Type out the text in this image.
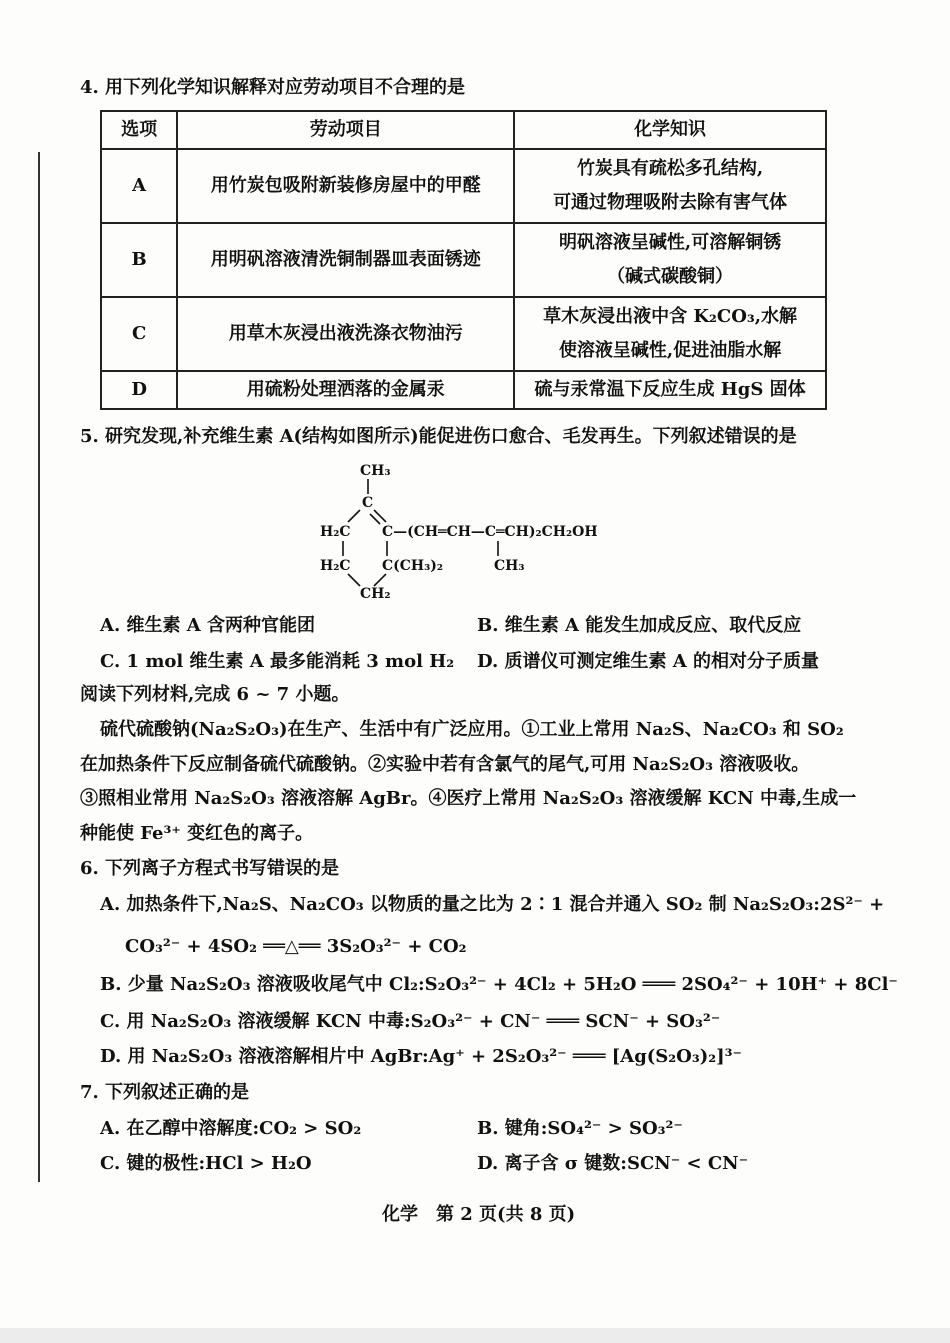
4. 用下列化学知识解释对应劳动项目不合理的是
选项	劳动项目	化学知识
A	用竹炭包吸附新装修房屋中的甲醛	竹炭具有疏松多孔结构,
可通过物理吸附去除有害气体

B	用明矾溶液清洗铜制器皿表面锈迹	明矾溶液呈碱性,可溶解铜锈
（碱式碳酸铜）

C	用草木灰浸出液洗涤衣物油污	草木灰浸出液中含 K₂CO₃,水解
使溶液呈碱性,促进油脂水解

D	用硫粉处理洒落的金属汞	硫与汞常温下反应生成 HgS 固体
5. 研究发现,补充维生素 A(结构如图所示)能促进伤口愈合、毛发再生。下列叙述错误的是
CH₃
C
H₂C C—(CH═CH—C═CH)₂CH₂OH
H₂C C(CH₃)₂	CH₃
CH₂
A. 维生素 A 含两种官能团	B. 维生素 A 能发生加成反应、取代反应
C. 1 mol 维生素 A 最多能消耗 3 mol H₂ D. 质谱仪可测定维生素 A 的相对分子质量
阅读下列材料,完成 6 ~ 7 小题。
硫代硫酸钠(Na₂S₂O₃)在生产、生活中有广泛应用。①工业上常用 Na₂S、Na₂CO₃ 和 SO₂
在加热条件下反应制备硫代硫酸钠。②实验中若有含氯气的尾气,可用 Na₂S₂O₃ 溶液吸收。
③照相业常用 Na₂S₂O₃ 溶液溶解 AgBr。④医疗上常用 Na₂S₂O₃ 溶液缓解 KCN 中毒,生成一
种能使 Fe³⁺ 变红色的离子。
6. 下列离子方程式书写错误的是
A. 加热条件下,Na₂S、Na₂CO₃ 以物质的量之比为 2∶1 混合并通入 SO₂ 制 Na₂S₂O₃:2S²⁻ +
CO₃²⁻ + 4SO₂ ══△══ 3S₂O₃²⁻ + CO₂
B. 少量 Na₂S₂O₃ 溶液吸收尾气中 Cl₂:S₂O₃²⁻ + 4Cl₂ + 5H₂O ═══ 2SO₄²⁻ + 10H⁺ + 8Cl⁻
C. 用 Na₂S₂O₃ 溶液缓解 KCN 中毒:S₂O₃²⁻ + CN⁻ ═══ SCN⁻ + SO₃²⁻
D. 用 Na₂S₂O₃ 溶液溶解相片中 AgBr:Ag⁺ + 2S₂O₃²⁻ ═══ [Ag(S₂O₃)₂]³⁻
7. 下列叙述正确的是
A. 在乙醇中溶解度:CO₂ > SO₂	B. 键角:SO₄²⁻ > SO₃²⁻
C. 键的极性:HCl > H₂O	D. 离子含 σ 键数:SCN⁻ < CN⁻
化学　第 2 页(共 8 页)
